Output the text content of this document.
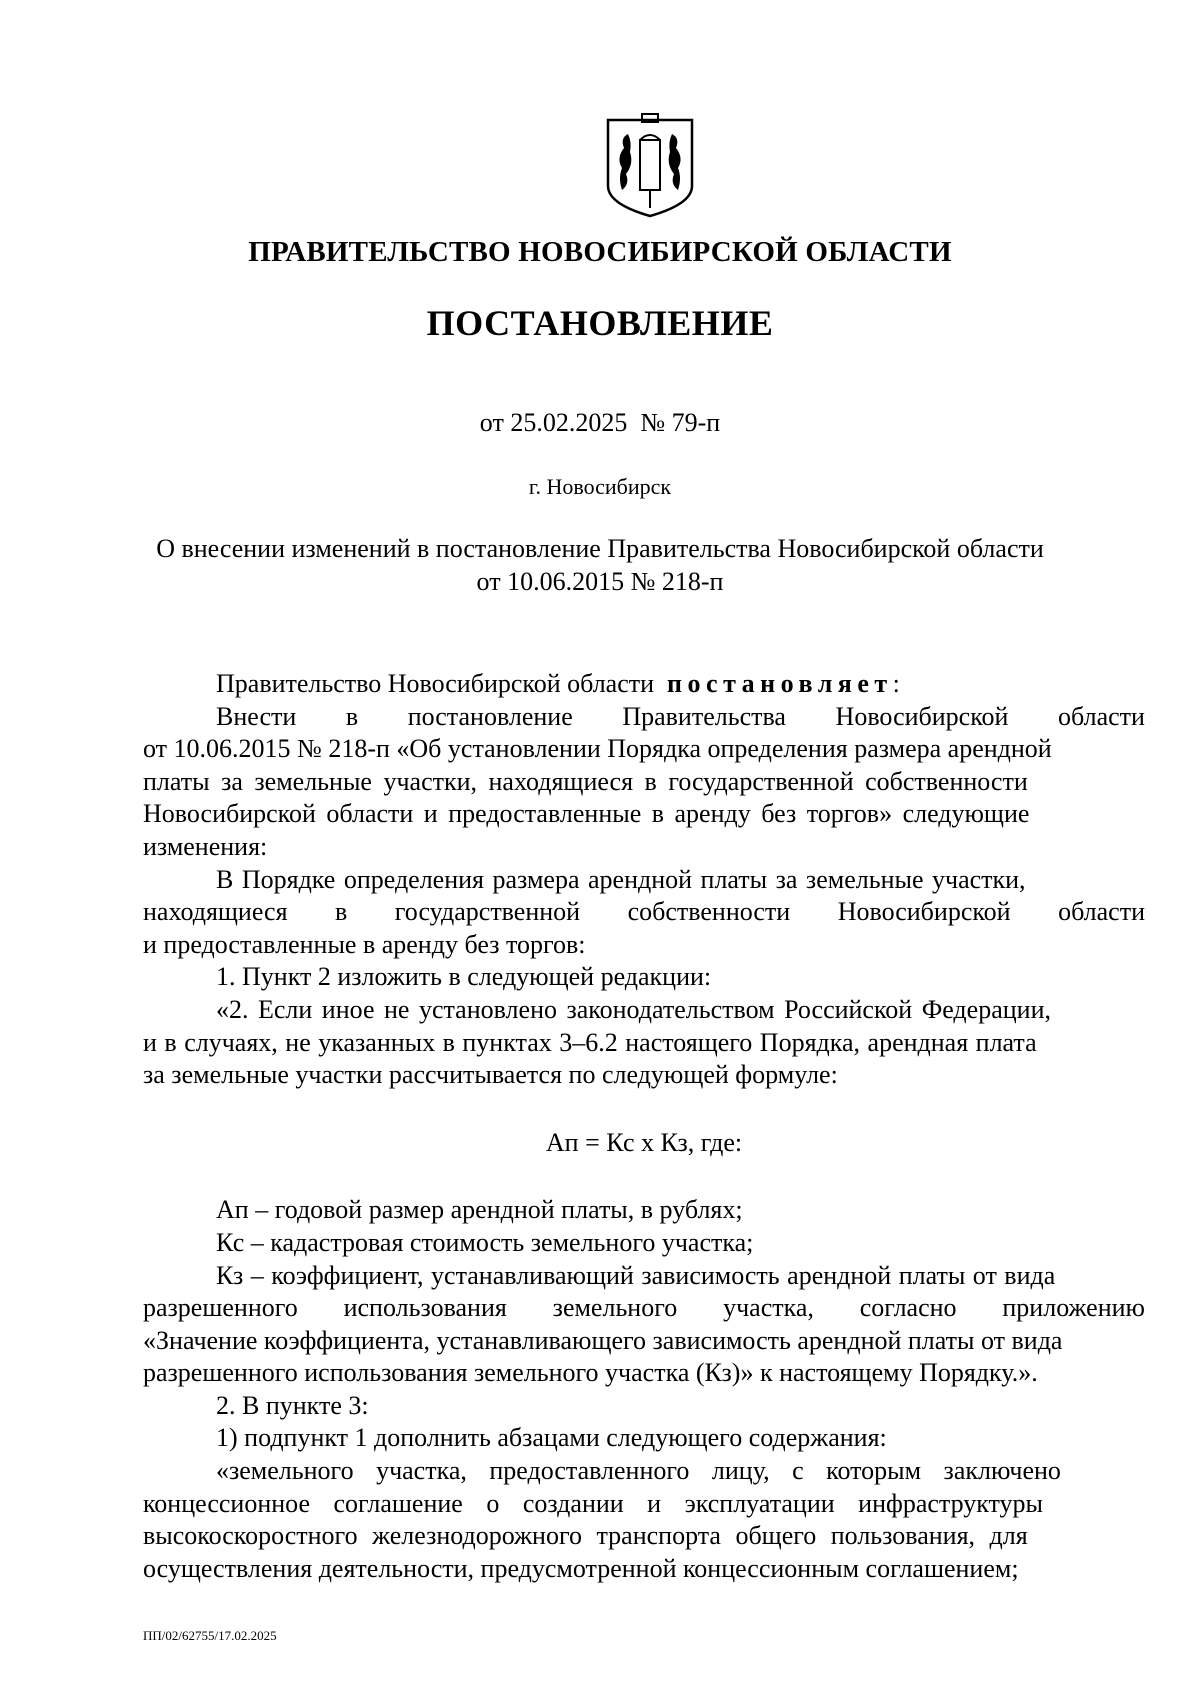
ПРАВИТЕЛЬСТВО НОВОСИБИРСКОЙ ОБЛАСТИ
ПОСТАНОВЛЕНИЕ
от 25.02.2025  № 79-п
г. Новосибирск
О внесении изменений в постановление Правительства Новосибирской области
от 10.06.2015 № 218-п
Правительство Новосибирской области
постановляет :
Внести в постановление Правительства Новосибирской области
от 10.06.2015 № 218-п «Об установлении Порядка определения размера арендной
платы за земельные участки, находящиеся в государственной собственности
Новосибирской области и предоставленные в аренду без торгов» следующие
изменения:
В Порядке определения размера арендной платы за земельные участки,
находящиеся в государственной собственности Новосибирской области
и предоставленные в аренду без торгов:
1. Пункт 2 изложить в следующей редакции:
«2. Если иное не установлено законодательством Российской Федерации,
и в случаях, не указанных в пунктах 3–6.2 настоящего Порядка, арендная плата
за земельные участки рассчитывается по следующей формуле:
Ап = Кс х Кз, где:
Ап – годовой размер арендной платы, в рублях;
Кс – кадастровая стоимость земельного участка;
Кз – коэффициент, устанавливающий зависимость арендной платы от вида
разрешенного использования земельного участка, согласно приложению
«Значение коэффициента, устанавливающего зависимость арендной платы от вида
разрешенного использования земельного участка (Кз)» к настоящему Порядку.».
2. В пункте 3:
1) подпункт 1 дополнить абзацами следующего содержания:
«земельного участка, предоставленного лицу, с которым заключено
концессионное соглашение о создании и эксплуатации инфраструктуры
высокоскоростного железнодорожного транспорта общего пользования, для
осуществления деятельности, предусмотренной концессионным соглашением;
ПП/02/62755/17.02.2025
